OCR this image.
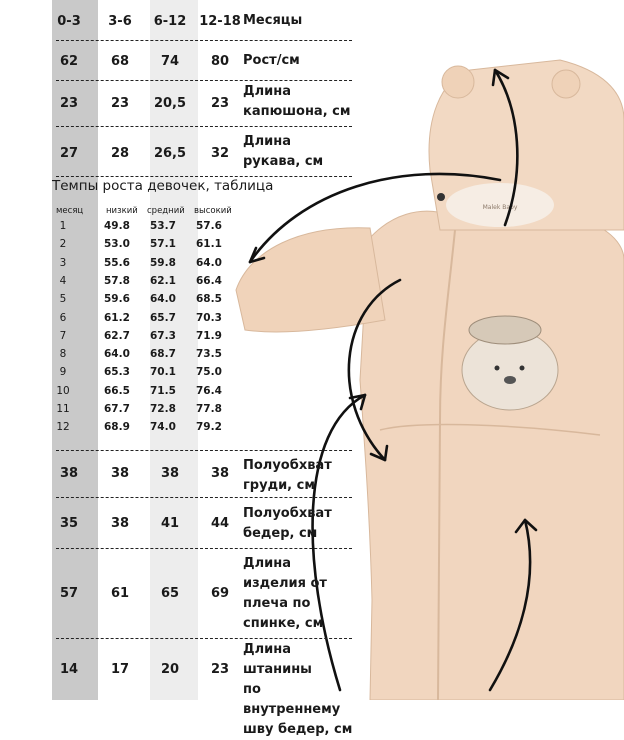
Malek Baby
0-3	3-6	6-12 12-18 Месяцы
62	68	74	80	Рост/см
23	23	20,5	23
Длина
капюшона, см
27	28	26,5	32
Длина
рукава, см
Темпы роста девочек, таблица
месяц	низкий средний высокий
1	49.8 53.7 57.6
2	53.0 57.1 61.1
3	55.6 59.8 64.0
4	57.8 62.1 66.4
5	59.6 64.0 68.5
6	61.2 65.7 70.3
7	62.7 67.3 71.9
8	64.0 68.7 73.5
9	65.3 70.1 75.0
10	66.5 71.5 76.4
11	67.7 72.8 77.8
12	68.9 74.0 79.2
38	38	38	38
Полуобхват
груди, см
35	38	41	44
Полуобхват
бедер, см
57	61	65	69
Длина
изделия от
плеча по
спинке, см
14	17	20	23
Длина штанины
по внутреннему
шву бедер, см
